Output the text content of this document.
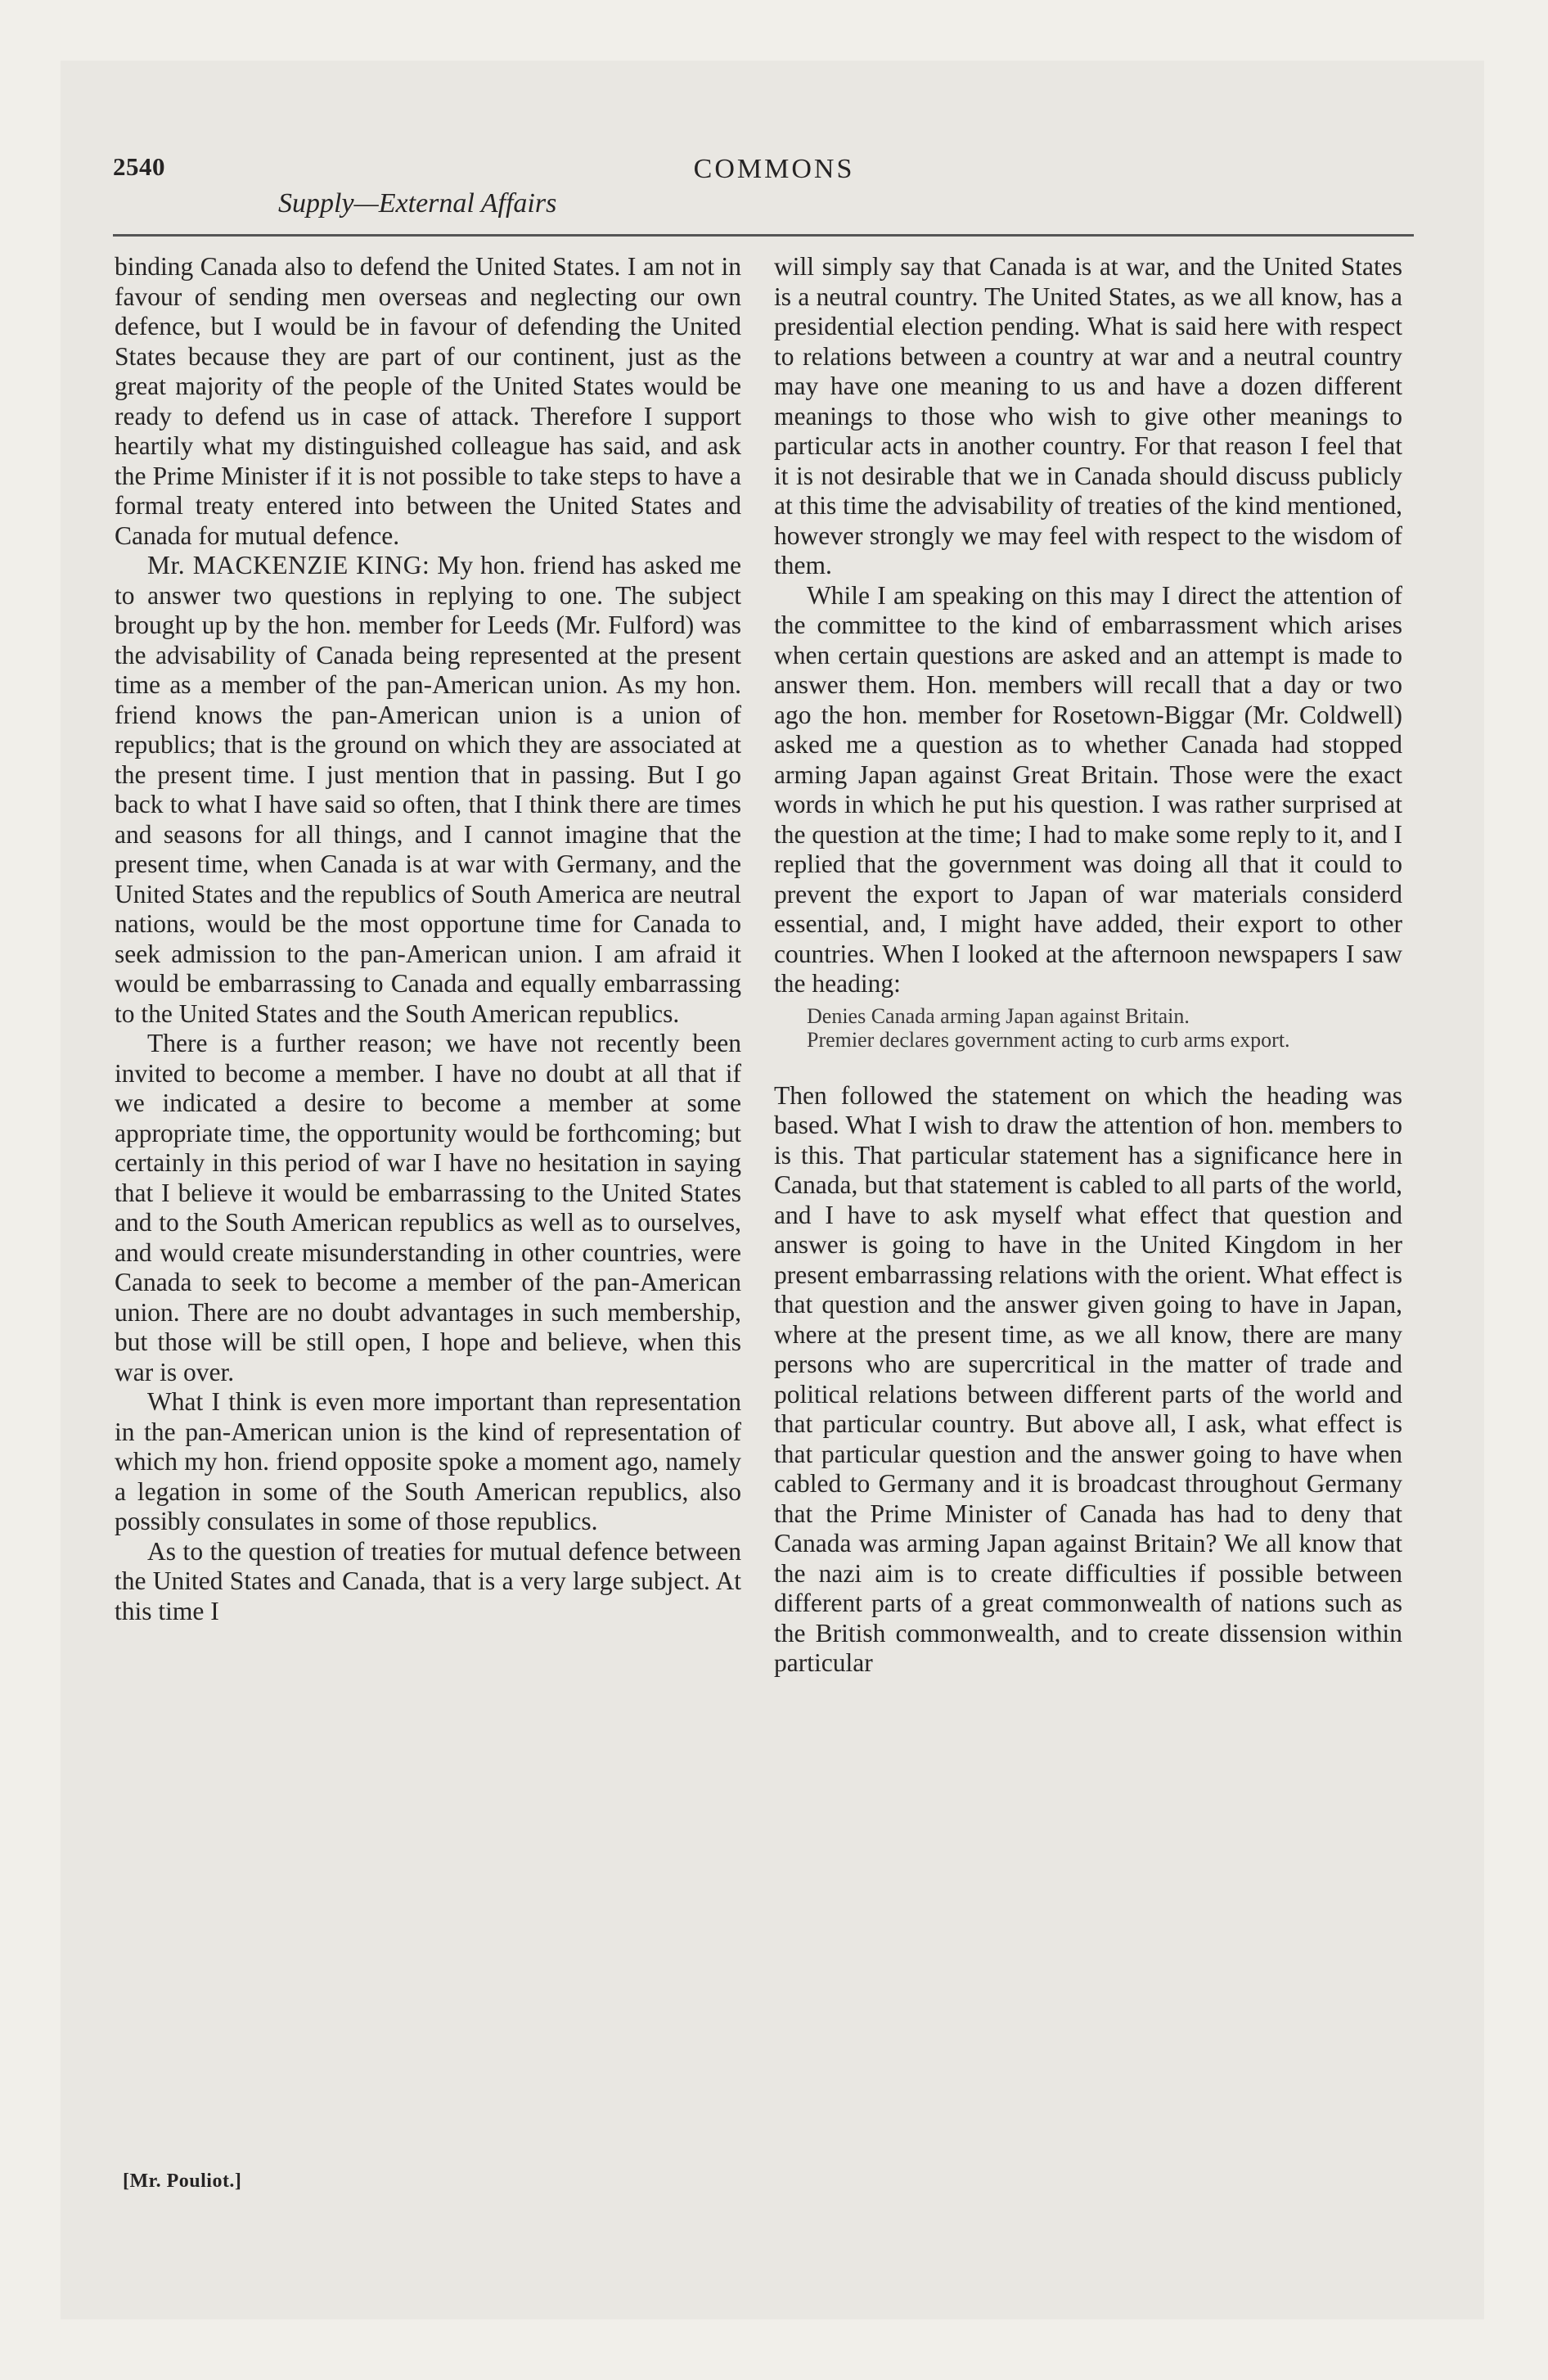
2540	COMMONS
Supply—External Affairs

binding Canada also to defend the United States. I am not in favour of sending men overseas and neglecting our own defence, but I would be in favour of defending the United States because they are part of our continent, just as the great majority of the people of the United States would be ready to defend us in case of attack. Therefore I support heartily what my distinguished colleague has said, and ask the Prime Minister if it is not possible to take steps to have a formal treaty entered into between the United States and Canada for mutual defence.

Mr. MACKENZIE KING: My hon. friend has asked me to answer two questions in replying to one. The subject brought up by the hon. member for Leeds (Mr. Fulford) was the advisability of Canada being represented at the present time as a member of the pan-American union. As my hon. friend knows the pan-American union is a union of republics; that is the ground on which they are associated at the present time. I just mention that in passing. But I go back to what I have said so often, that I think there are times and seasons for all things, and I cannot imagine that the present time, when Canada is at war with Germany, and the United States and the republics of South America are neutral nations, would be the most opportune time for Canada to seek admission to the pan-American union. I am afraid it would be embarrassing to Canada and equally embarrassing to the United States and the South American republics.

There is a further reason; we have not recently been invited to become a member. I have no doubt at all that if we indicated a desire to become a member at some appropriate time, the opportunity would be forthcoming; but certainly in this period of war I have no hesitation in saying that I believe it would be embarrassing to the United States and to the South American republics as well as to ourselves, and would create misunderstanding in other countries, were Canada to seek to become a member of the pan-American union. There are no doubt advantages in such membership, but those will be still open, I hope and believe, when this war is over.

What I think is even more important than representation in the pan-American union is the kind of representation of which my hon. friend opposite spoke a moment ago, namely a legation in some of the South American republics, also possibly consulates in some of those republics.

As to the question of treaties for mutual defence between the United States and Canada, that is a very large subject. At this time I

will simply say that Canada is at war, and the United States is a neutral country. The United States, as we all know, has a presidential election pending. What is said here with respect to relations between a country at war and a neutral country may have one meaning to us and have a dozen different meanings to those who wish to give other meanings to particular acts in another country. For that reason I feel that it is not desirable that we in Canada should discuss publicly at this time the advisability of treaties of the kind mentioned, however strongly we may feel with respect to the wisdom of them.

While I am speaking on this may I direct the attention of the committee to the kind of embarrassment which arises when certain questions are asked and an attempt is made to answer them. Hon. members will recall that a day or two ago the hon. member for Rosetown-Biggar (Mr. Coldwell) asked me a question as to whether Canada had stopped arming Japan against Great Britain. Those were the exact words in which he put his question. I was rather surprised at the question at the time; I had to make some reply to it, and I replied that the government was doing all that it could to prevent the export to Japan of war materials considerd essential, and, I might have added, their export to other countries. When I looked at the afternoon newspapers I saw the heading:

Denies Canada arming Japan against Britain.
Premier declares government acting to curb arms export.

Then followed the statement on which the heading was based. What I wish to draw the attention of hon. members to is this. That particular statement has a significance here in Canada, but that statement is cabled to all parts of the world, and I have to ask myself what effect that question and answer is going to have in the United Kingdom in her present embarrassing relations with the orient. What effect is that question and the answer given going to have in Japan, where at the present time, as we all know, there are many persons who are supercritical in the matter of trade and political relations between different parts of the world and that particular country. But above all, I ask, what effect is that particular question and the answer going to have when cabled to Germany and it is broadcast throughout Germany that the Prime Minister of Canada has had to deny that Canada was arming Japan against Britain? We all know that the nazi aim is to create difficulties if possible between different parts of a great commonwealth of nations such as the British commonwealth, and to create dissension within particular

[Mr. Pouliot.]
